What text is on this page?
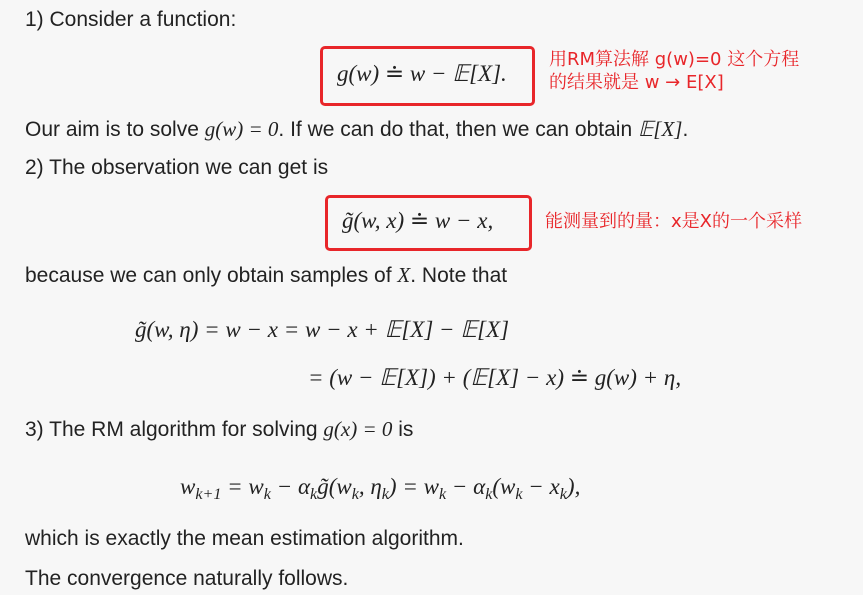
1) Consider a function:
g(w) ≐ w − 𝔼[X].
用RM算法解 g(w)=0 这个方程
的结果就是 w → E[X]
Our aim is to solve g(w) = 0. If we can do that, then we can obtain 𝔼[X].
2) The observation we can get is
g̃(w, x) ≐ w − x,	能测量到的量：x是X的一个采样
because we can only obtain samples of X. Note that
g̃(w, η) = w − x = w − x + 𝔼[X] − 𝔼[X]
= (w − 𝔼[X]) + (𝔼[X] − x) ≐ g(w) + η,
3) The RM algorithm for solving g(x) = 0 is
$w_{k+1} = w_k$ − $\alpha_kg̃(w_k$, $\eta_k) = w_k - \alpha_k(w_k - x_k)$,
which is exactly the mean estimation algorithm.
The convergence naturally follows.
